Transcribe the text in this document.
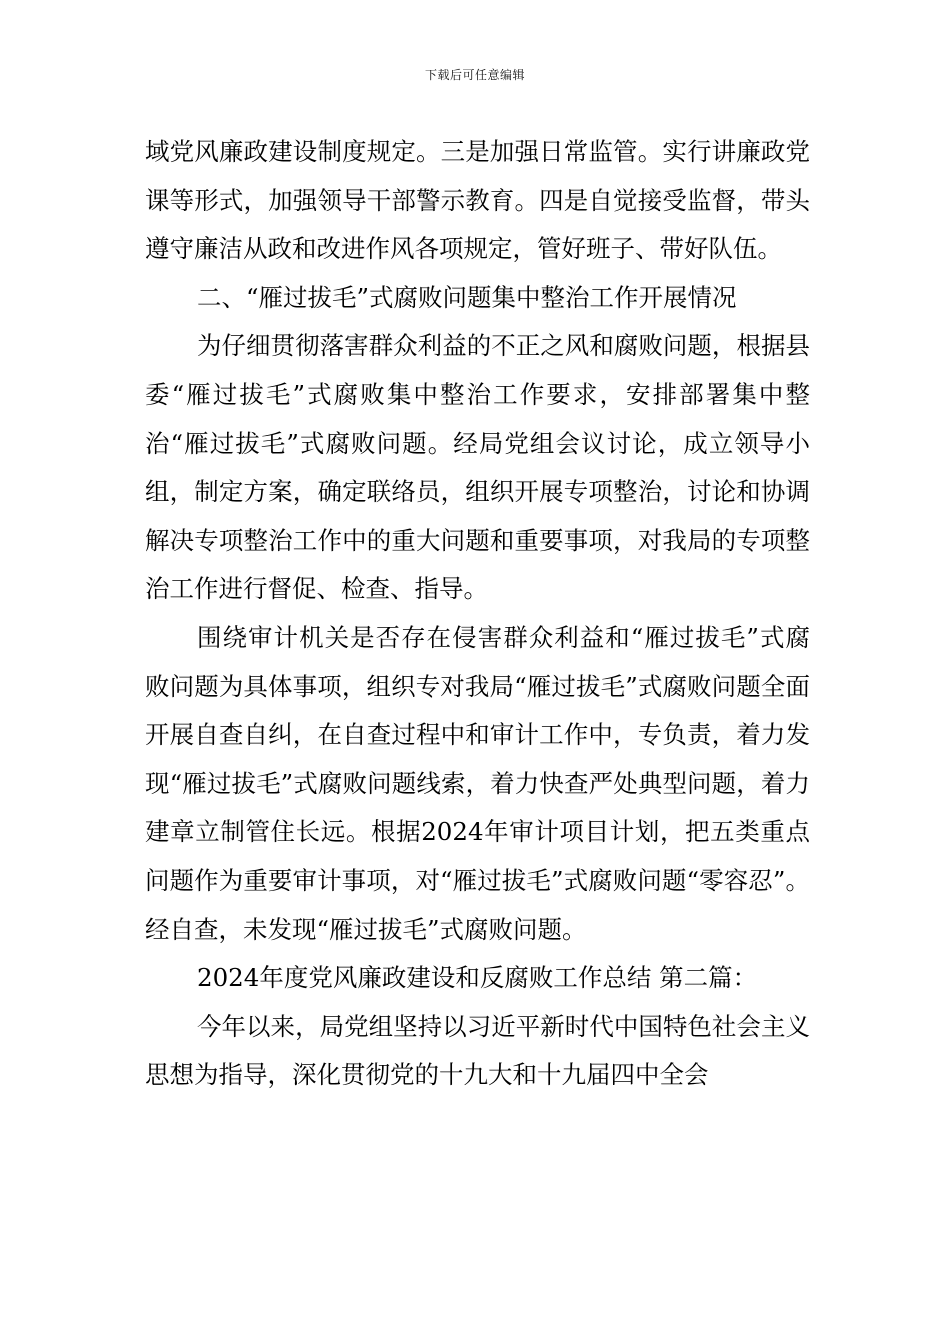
下载后可任意编辑

域党风廉政建设制度规定。三是加强日常监管。实行讲廉政党课等形式，加强领导干部警示教育。四是自觉接受监督，带头遵守廉洁从政和改进作风各项规定，管好班子、带好队伍。

二、“雁过拔毛”式腐败问题集中整治工作开展情况

为仔细贯彻落害群众利益的不正之风和腐败问题，根据县委“雁过拔毛”式腐败集中整治工作要求，安排部署集中整治“雁过拔毛”式腐败问题。经局党组会议讨论，成立领导小组，制定方案，确定联络员，组织开展专项整治，讨论和协调解决专项整治工作中的重大问题和重要事项，对我局的专项整治工作进行督促、检查、指导。

围绕审计机关是否存在侵害群众利益和“雁过拔毛”式腐败问题为具体事项，组织专对我局“雁过拔毛”式腐败问题全面开展自查自纠，在自查过程中和审计工作中，专负责，着力发现“雁过拔毛”式腐败问题线索，着力快查严处典型问题，着力建章立制管住长远。根据2024年审计项目计划，把五类重点问题作为重要审计事项，对“雁过拔毛”式腐败问题“零容忍”。经自查，未发现“雁过拔毛”式腐败问题。

2024年度党风廉政建设和反腐败工作总结 第二篇：

今年以来，局党组坚持以习近平新时代中国特色社会主义思想为指导，深化贯彻党的十九大和十九届四中全会
